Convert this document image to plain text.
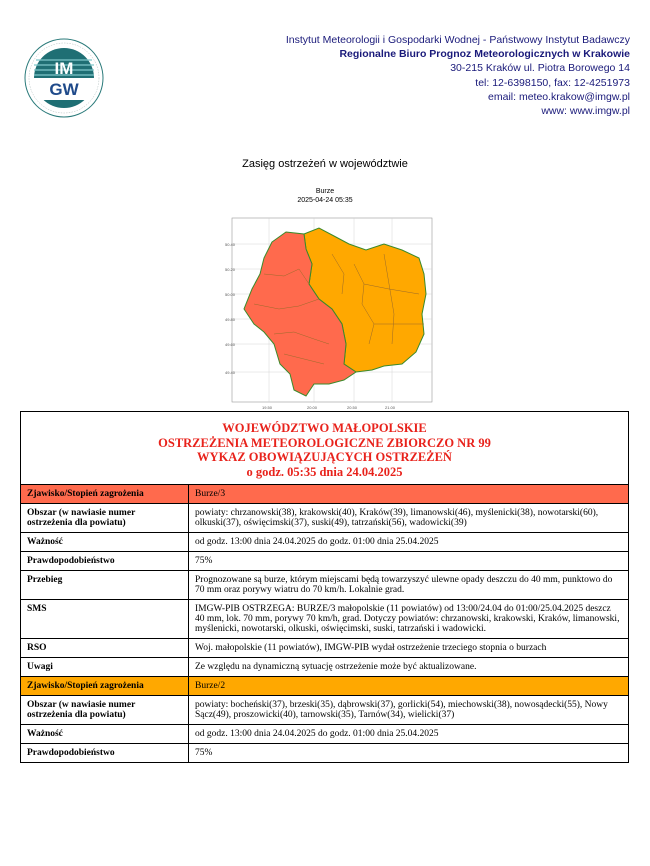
IM
GW
Instytut Meteorologii i Gospodarki Wodnej - Państwowy Instytut Badawczy
Regionalne Biuro Prognoz Meteorologicznych w Krakowie
30-215 Kraków ul. Piotra Borowego 14
tel: 12-6398150, fax: 12-4251973
email: meteo.krakow@imgw.pl
www: www.imgw.pl
Zasięg ostrzeżeń w województwie
Burze
2025-04-24 05:35
50.40
50.20
50.00
49.80
49.60
49.40
19.50	20.00	20.50	21.00
WOJEWÓDZTWO MAŁOPOLSKIE
OSTRZEŻENIA METEOROLOGICZNE ZBIORCZO NR 99
WYKAZ OBOWIĄZUJĄCYCH OSTRZEŻEŃ
o godz. 05:35 dnia 24.04.2025	

Zjawisko/Stopień zagrożenia	Burze/3
Obszar (w nawiasie numer ostrzeżenia dla powiatu)	powiaty: chrzanowski(38), krakowski(40), Kraków(39), limanowski(46), myślenicki(38), nowotarski(60), olkuski(37), oświęcimski(37), suski(49), tatrzański(56), wadowicki(39)
Ważność	od godz. 13:00 dnia 24.04.2025 do godz. 01:00 dnia 25.04.2025
Prawdopodobieństwo	75%
Przebieg	Prognozowane są burze, którym miejscami będą towarzyszyć ulewne opady deszczu do 40 mm, punktowo do 70 mm oraz porywy wiatru do 70 km/h. Lokalnie grad.
SMS	IMGW-PIB OSTRZEGA: BURZE/3 małopolskie (11 powiatów) od 13:00/24.04 do 01:00/25.04.2025 deszcz 40 mm, lok. 70 mm, porywy 70 km/h, grad. Dotyczy powiatów: chrzanowski, krakowski, Kraków, limanowski, myślenicki, nowotarski, olkuski, oświęcimski, suski, tatrzański i wadowicki.
RSO	Woj. małopolskie (11 powiatów), IMGW-PIB wydał ostrzeżenie trzeciego stopnia o burzach
Uwagi	Ze względu na dynamiczną sytuację ostrzeżenie może być aktualizowane.
Zjawisko/Stopień zagrożenia	Burze/2
Obszar (w nawiasie numer ostrzeżenia dla powiatu)	powiaty: bocheński(37), brzeski(35), dąbrowski(37), gorlicki(54), miechowski(38), nowosądecki(55), Nowy Sącz(49), proszowicki(40), tarnowski(35), Tarnów(34), wielicki(37)
Ważność	od godz. 13:00 dnia 24.04.2025 do godz. 01:00 dnia 25.04.2025
Prawdopodobieństwo	75%
